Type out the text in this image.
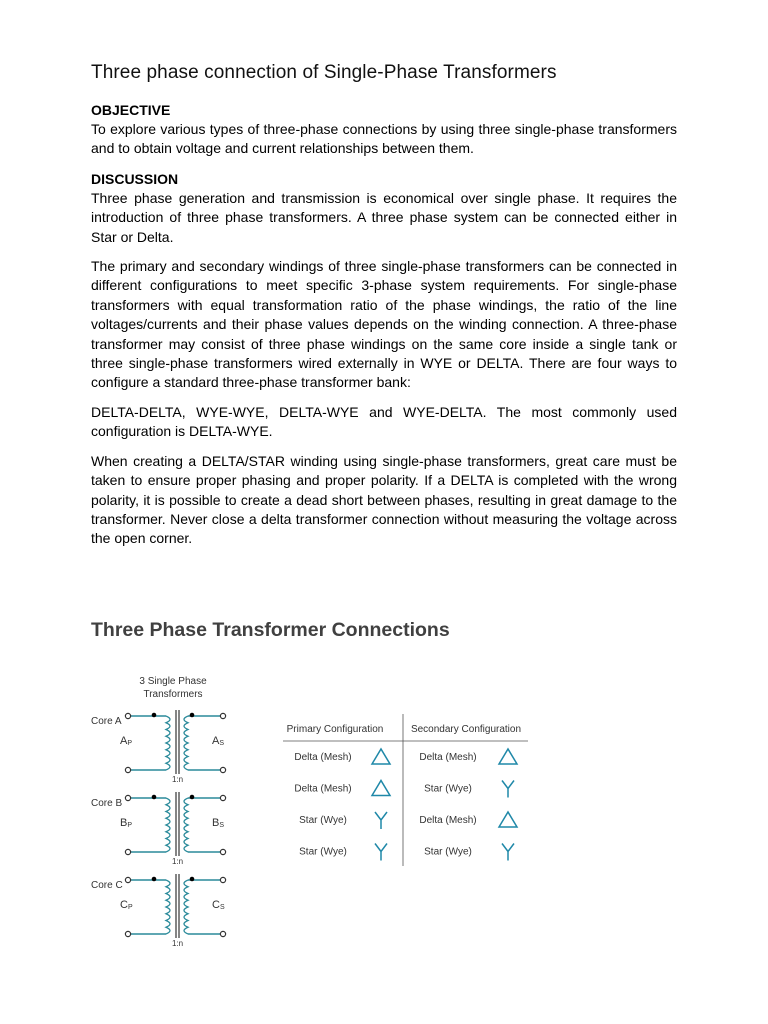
Three phase connection of Single-Phase Transformers
OBJECTIVE

To explore various types of three-phase connections by using three single-phase transformers and to obtain voltage and current relationships between them.

DISCUSSION

Three phase generation and transmission is economical over single phase. It requires the introduction of three phase transformers. A three phase system can be connected either in Star or Delta.

The primary and secondary windings of three single-phase transformers can be connected in different configurations to meet specific 3-phase system requirements. For single-phase transformers with equal transformation ratio of the phase windings, the ratio of the line voltages/currents and their phase values depends on the winding connection. A three-phase transformer may consist of three phase windings on the same core inside a single tank or three single-phase transformers wired externally in WYE or DELTA. There are four ways to configure a standard three-phase transformer bank:

DELTA-DELTA, WYE-WYE, DELTA-WYE and WYE-DELTA. The most commonly used configuration is DELTA-WYE.

When creating a DELTA/STAR winding using single-phase transformers, great care must be taken to ensure proper phasing and proper polarity. If a DELTA is completed with the wrong polarity, it is possible to create a dead short between phases, resulting in great damage to the transformer. Never close a delta transformer connection without measuring the voltage across the open corner.

Three Phase Transformer Connections
3 Single Phase
Transformers
Core A
AP	AS
1:n
Core B
BP	BS
1:n
Core C
CP	CS
1:n
Primary Configuration	Secondary Configuration
Delta (Mesh)	Delta (Mesh)
Delta (Mesh)	Star (Wye)
Star (Wye)	Delta (Mesh)
Star (Wye)	Star (Wye)
